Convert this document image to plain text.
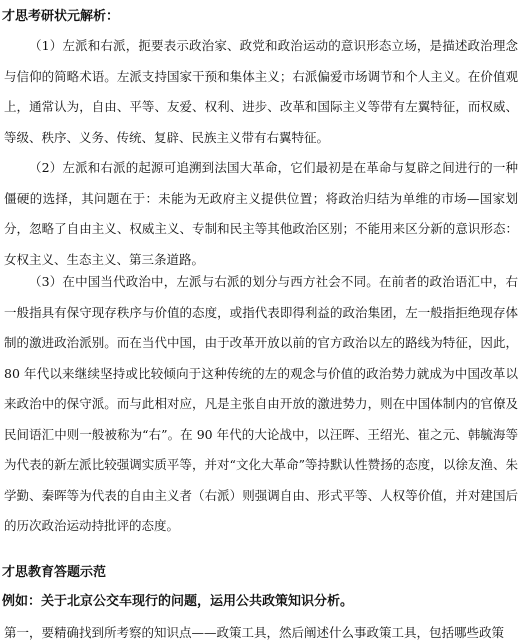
才思考研状元解析：

（1）左派和右派，扼要表示政治家、政党和政治运动的意识形态立场，是描述政治理念与信仰的简略术语。左派支持国家干预和集体主义；右派偏爱市场调节和个人主义。在价值观上，通常认为，自由、平等、友爱、权利、进步、改革和国际主义等带有左翼特征，而权威、等级、秩序、义务、传统、复辟、民族主义带有右翼特征。

（2）左派和右派的起源可追溯到法国大革命，它们最初是在革命与复辟之间进行的一种僵硬的选择，其问题在于：未能为无政府主义提供位置；将政治归结为单维的市场—国家划分，忽略了自由主义、权威主义、专制和民主等其他政治区别；不能用来区分新的意识形态：女权主义、生态主义、第三条道路。

（3）在中国当代政治中，左派与右派的划分与西方社会不同。在前者的政治语汇中，右一般指具有保守现存秩序与价值的态度，或指代表即得利益的政治集团，左一般指拒绝现存体制的激进政治派别。而在当代中国，由于改革开放以前的官方政治以左的路线为特征，因此，80 年代以来继续坚持或比较倾向于这种传统的左的观念与价值的政治势力就成为中国改革以来政治中的保守派。而与此相对应，凡是主张自由开放的激进势力，则在中国体制内的官僚及民间语汇中则一般被称为“右”。在 90 年代的大论战中，以汪晖、王绍光、崔之元、韩毓海等为代表的新左派比较强调实质平等，并对“文化大革命”等持默认性赞扬的态度，以徐友渔、朱学勤、秦晖等为代表的自由主义者（右派）则强调自由、形式平等、人权等价值，并对建国后的历次政治运动持批评的态度。

才思教育答题示范
例如：关于北京公交车现行的问题，运用公共政策知识分析。
第一，要精确找到所考察的知识点——政策工具，然后阐述什么事政策工具，包括哪些政策
